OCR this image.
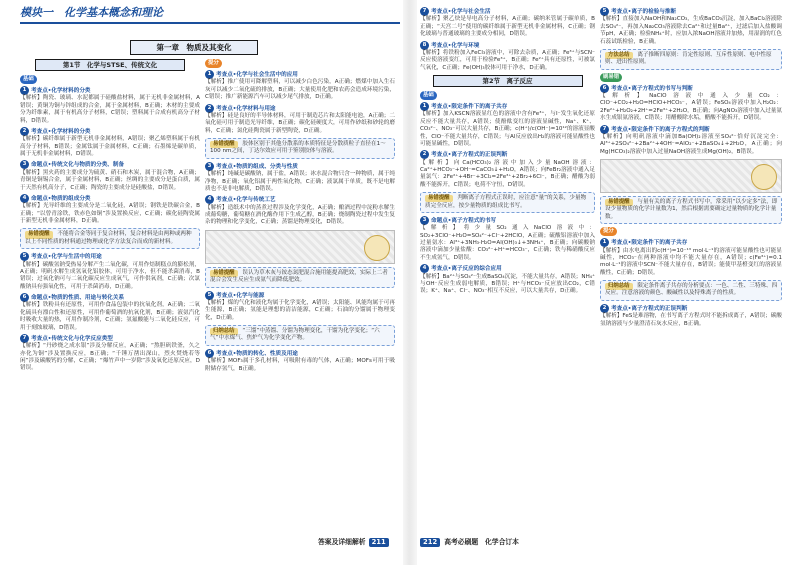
模块一　化学基本概念和理论
第一章　物质及其变化
第1节　化学与STSE、传统文化
基础
1 考查点•化学材料的分类
【解析】陶瓷、玻璃、水泥都属于硅酸盐材料，属于无机非金属材料，A错误；黄铜为铜与锌组成的合金，属于金属材料，B正确；木材的主要成分为纤维素，属于有机高分子材料，C错误；塑料属于合成有机高分子材料，D错误。
2 考查点•化学材料的分类
【解析】碳纤维属于新型无机非金属材料，A错误；聚乙烯塑料属于有机高分子材料，B错误；金属钛属于金属材料，C正确；石墨烯是碳单质，属于无机非金属材料，D错误。
3 命题点•传统文化与物质的分类、制备
【解析】黑火药的主要成分为硫黄、硝石和木炭，属于混合物，A正确；青铜是铜锡合金，属于金属材料，B正确；丝绸的主要成分是蛋白质，属于天然有机高分子，C正确；陶瓷的主要成分是硅酸盐，D错误。
4 命题点•物质的组成分类
【解析】光导纤维的主要成分是二氧化硅，A错误；钢铁是铁碳合金，B正确；“以曾青涂铁，铁赤色如铜”涉及置换反应，C正确；碳化硅陶瓷属于新型无机非金属材料，D正确。
易错提醒 不能将合金等同于复合材料，复合材料是由两种或两种以上不同性质的材料通过物理或化学方法复合而成的新材料。
5 考查点•化学与生活中的用途
【解析】碳酸氢钠受热易分解产生二氧化碳，可用作焙制糕点的膨松剂，A正确；明矾水解生成氢氧化铝胶体，可用于净水，但不能杀菌消毒，B错误；过氧化钠可与二氧化碳反应生成氧气，可作供氧剂，C正确；次氯酸钠具有强氧化性，可用于杀菌消毒，D正确。
6 命题点•物质的性质、用途与转化关系
【解析】铁粉具有还原性，可用作食品包装中的抗氧化剂，A正确；二氧化硫具有漂白性和还原性，可用作葡萄酒的抗氧化剂，B正确；液氨汽化时吸收大量的热，可用作制冷剂，C正确；氢氟酸能与二氧化硅反应，可用于刻蚀玻璃，D错误。
7 考查点•传统文化与化学反应类型
【解析】“丹砂烧之成水银”涉及分解反应，A正确；“熬胆矾铁釜，久之亦化为铜”涉及置换反应，B正确；“千锤万凿出深山，烈火焚烧若等闲”涉及碳酸钙的分解，C正确；“爆竹声中一岁除”涉及氧化还原反应，D错误。
提分
1 考查点•化学与社会生活中的应用
【解析】推广使用可降解塑料，可以减少白色污染，A正确；燃煤中加入生石灰可以减少二氧化硫的排放，B正确；大量使用化肥和农药会造成环境污染，C错误；推广新能源汽车可以减少尾气排放，D正确。
2 考查点•化学材料与用途
【解析】硅是良好的半导体材料，可用于制造芯片和太阳能电池，A正确；二氧化硅可用于制造光导纤维，B正确；碳化硅硬度大，可用作砂纸和砂轮的磨料，C正确；氮化硅陶瓷属于新型陶瓷，D正确。
易错提醒 胶体区别于其他分散系的本质特征是分散质粒子直径在1～100 nm之间，丁达尔效应可用于鉴别胶体与溶液。
3 考查点•物质的组成、分类与性质
【解析】纯碱是碳酸钠，属于盐，A错误；冰水混合物只含一种物质，属于纯净物，B正确；氧化铝属于两性氧化物，C正确；液氯属于单质，既不是电解质也不是非电解质，D错误。
4 考查点•化学与传统工艺
【解析】造纸术中的蒸煮过程涉及化学变化，A正确；酿酒过程中淀粉水解生成葡萄糖，葡萄糖在酒化酶作用下生成乙醇，B正确；烧制陶瓷过程中发生复杂的物理和化学变化，C正确；蒸馏是物理变化，D错误。
易错提醒 误认为草木灰与铵态氮肥混合施用能提高肥效，实际上二者混合会发生反应生成氨气而降低肥效。
5 考查点•化学与能源
【解析】煤的气化和液化均属于化学变化，A错误；太阳能、风能均属于可再生能源，B正确；氢能是理想的清洁能源，C正确；石油的分馏属于物理变化，D正确。
归纳总结 “三馏”中蒸馏、分馏为物理变化，干馏为化学变化；“六气”中水煤气、焦炉气为化学变化产物。
6 考查点•物质的转化、性质及用途
【解析】MOF₃属于多孔材料，可吸附有毒的气体，A正确；MOFs可用于吸附储存氢气，B正确。
答案及详细解析 211
7 考查点•化学与社会生活
【解析】聚乙炔是导电高分子材料，A正确；碳纳米管属于碳单质，B正确；“天宫二号”使用的碳纤维属于新型无机非金属材料，C正确；钢化玻璃与普通玻璃的主要成分相同，D错误。
8 考查点•化学与环境
【解析】将铁粉加入FeCl₃溶液中，可除去杂质，A正确；Fe³⁺与SCN⁻反应使溶液变红，可用于检验Fe³⁺，B正确；Fe²⁺具有还原性，可被氯气氧化，C正确；Fe(OH)₃胶体可用于净水，D正确。
第2节　离子反应
基础
1 考查点•限定条件下的离子共存
【解析】加入KSCN溶液显红色的溶液中含有Fe³⁺，与I⁻发生氧化还原反应不能大量共存，A错误；使酚酞变红的溶液显碱性，Na⁺、K⁺、CO₃²⁻、NO₃⁻可以大量共存，B正确；c(H⁺)/c(OH⁻)=10¹²的溶液显酸性，ClO⁻不能大量共存，C错误；与Al反应放出H₂的溶液可能显酸性也可能显碱性，D错误。
2 考查点•离子方程式的正误判断
【解析】向Ca(HCO₃)₂溶液中加入少量NaOH溶液：Ca²⁺+HCO₃⁻+OH⁻=CaCO₃↓+H₂O，A错误；向FeBr₂溶液中通入足量氯气：2Fe²⁺+4Br⁻+3Cl₂=2Fe³⁺+2Br₂+6Cl⁻，B正确；醋酸为弱酸不能拆开，C错误；电荷不守恒，D错误。
易错提醒 判断离子方程式正误时，应注意“量”的关系，少量物质完全反应，按少量物质的组成比书写。
3 命题点•离子方程式的书写
【解析】将少量SO₂通入NaClO溶液中：SO₂+3ClO⁻+H₂O=SO₄²⁻+Cl⁻+2HClO，A正确；硫酸铝溶液中加入过量氨水：Al³⁺+3NH₃·H₂O=Al(OH)₃↓+3NH₄⁺，B正确；向碳酸钠溶液中滴加少量盐酸：CO₃²⁻+H⁺=HCO₃⁻，C正确；铁与稀硝酸反应不生成氢气，D错误。
4 考查点•离子反应的综合应用
【解析】Ba²⁺与SO₄²⁻生成BaSO₄沉淀，不能大量共存，A错误；NH₄⁺与OH⁻反应生成弱电解质，B错误；H⁺与HCO₃⁻反应放出CO₂，C错误；K⁺、Na⁺、Cl⁻、NO₃⁻相互不反应，可以大量共存，D正确。
212	高考必刷题　化学合订本
5 考查点•离子的检验与推断
【解析】直接加入NaOH和Na₂CO₃，生成BaCO₃沉淀，加入BaCl₂溶液除去SO₄²⁻，再加入Na₂CO₃溶液除去Ca²⁺和过量Ba²⁺，过滤后加入盐酸调节pH，A正确；检验NH₄⁺时，应加入浓NaOH溶液并加热，用湿润的红色石蕊试纸检验，B正确。
方法总结 离子推断四原则：肯定性原则、互斥性原则、电中性原则、进出性原则。
刷易错
6 考查点•离子方程式的书写与判断
【解析】NaClO溶液中通入少量CO₂：ClO⁻+CO₂+H₂O=HClO+HCO₃⁻，A错误；FeSO₄溶液中加入H₂O₂：2Fe²⁺+H₂O₂+2H⁺=2Fe³⁺+2H₂O，B正确；向AgNO₃溶液中加入过量氨水生成银氨溶液，C错误；用醋酸除水垢，醋酸不能拆开，D错误。
7 考查点•限定条件下的离子方程式的判断
【解析】向明矾溶液中滴加Ba(OH)₂溶液至SO₄²⁻恰好沉淀完全：Al³⁺+2SO₄²⁻+2Ba²⁺+4OH⁻=AlO₂⁻+2BaSO₄↓+2H₂O，A正确；向Mg(HCO₃)₂溶液中加入过量NaOH溶液生成Mg(OH)₂，B错误。
易错提醒 与量有关的离子方程式书写中，常采用“以少定多”法，即设少量物质的化学计量数为1，然后根据需要确定过量物质的化学计量数。
提分
1 考查点•限定条件下的离子共存
【解析】由水电离出的c(H⁺)=10⁻¹³ mol·L⁻¹的溶液可能显酸性也可能显碱性，HCO₃⁻在两种溶液中均不能大量存在，A错误；c(Fe³⁺)=0.1 mol·L⁻¹的溶液中SCN⁻不能大量存在，B错误；能使甲基橙变红的溶液显酸性，C正确；D错误。
归纳总结 限定条件离子共存的分析要点：一色、二性、三特殊、四反应。注意溶液的颜色、酸碱性以及特殊离子的性质。
2 考查点•离子方程式的正误判断
【解析】FeS是难溶物，在书写离子方程式时不能拆成离子，A错误；碳酸氢钠溶液与少量澄清石灰水反应，B正确。
